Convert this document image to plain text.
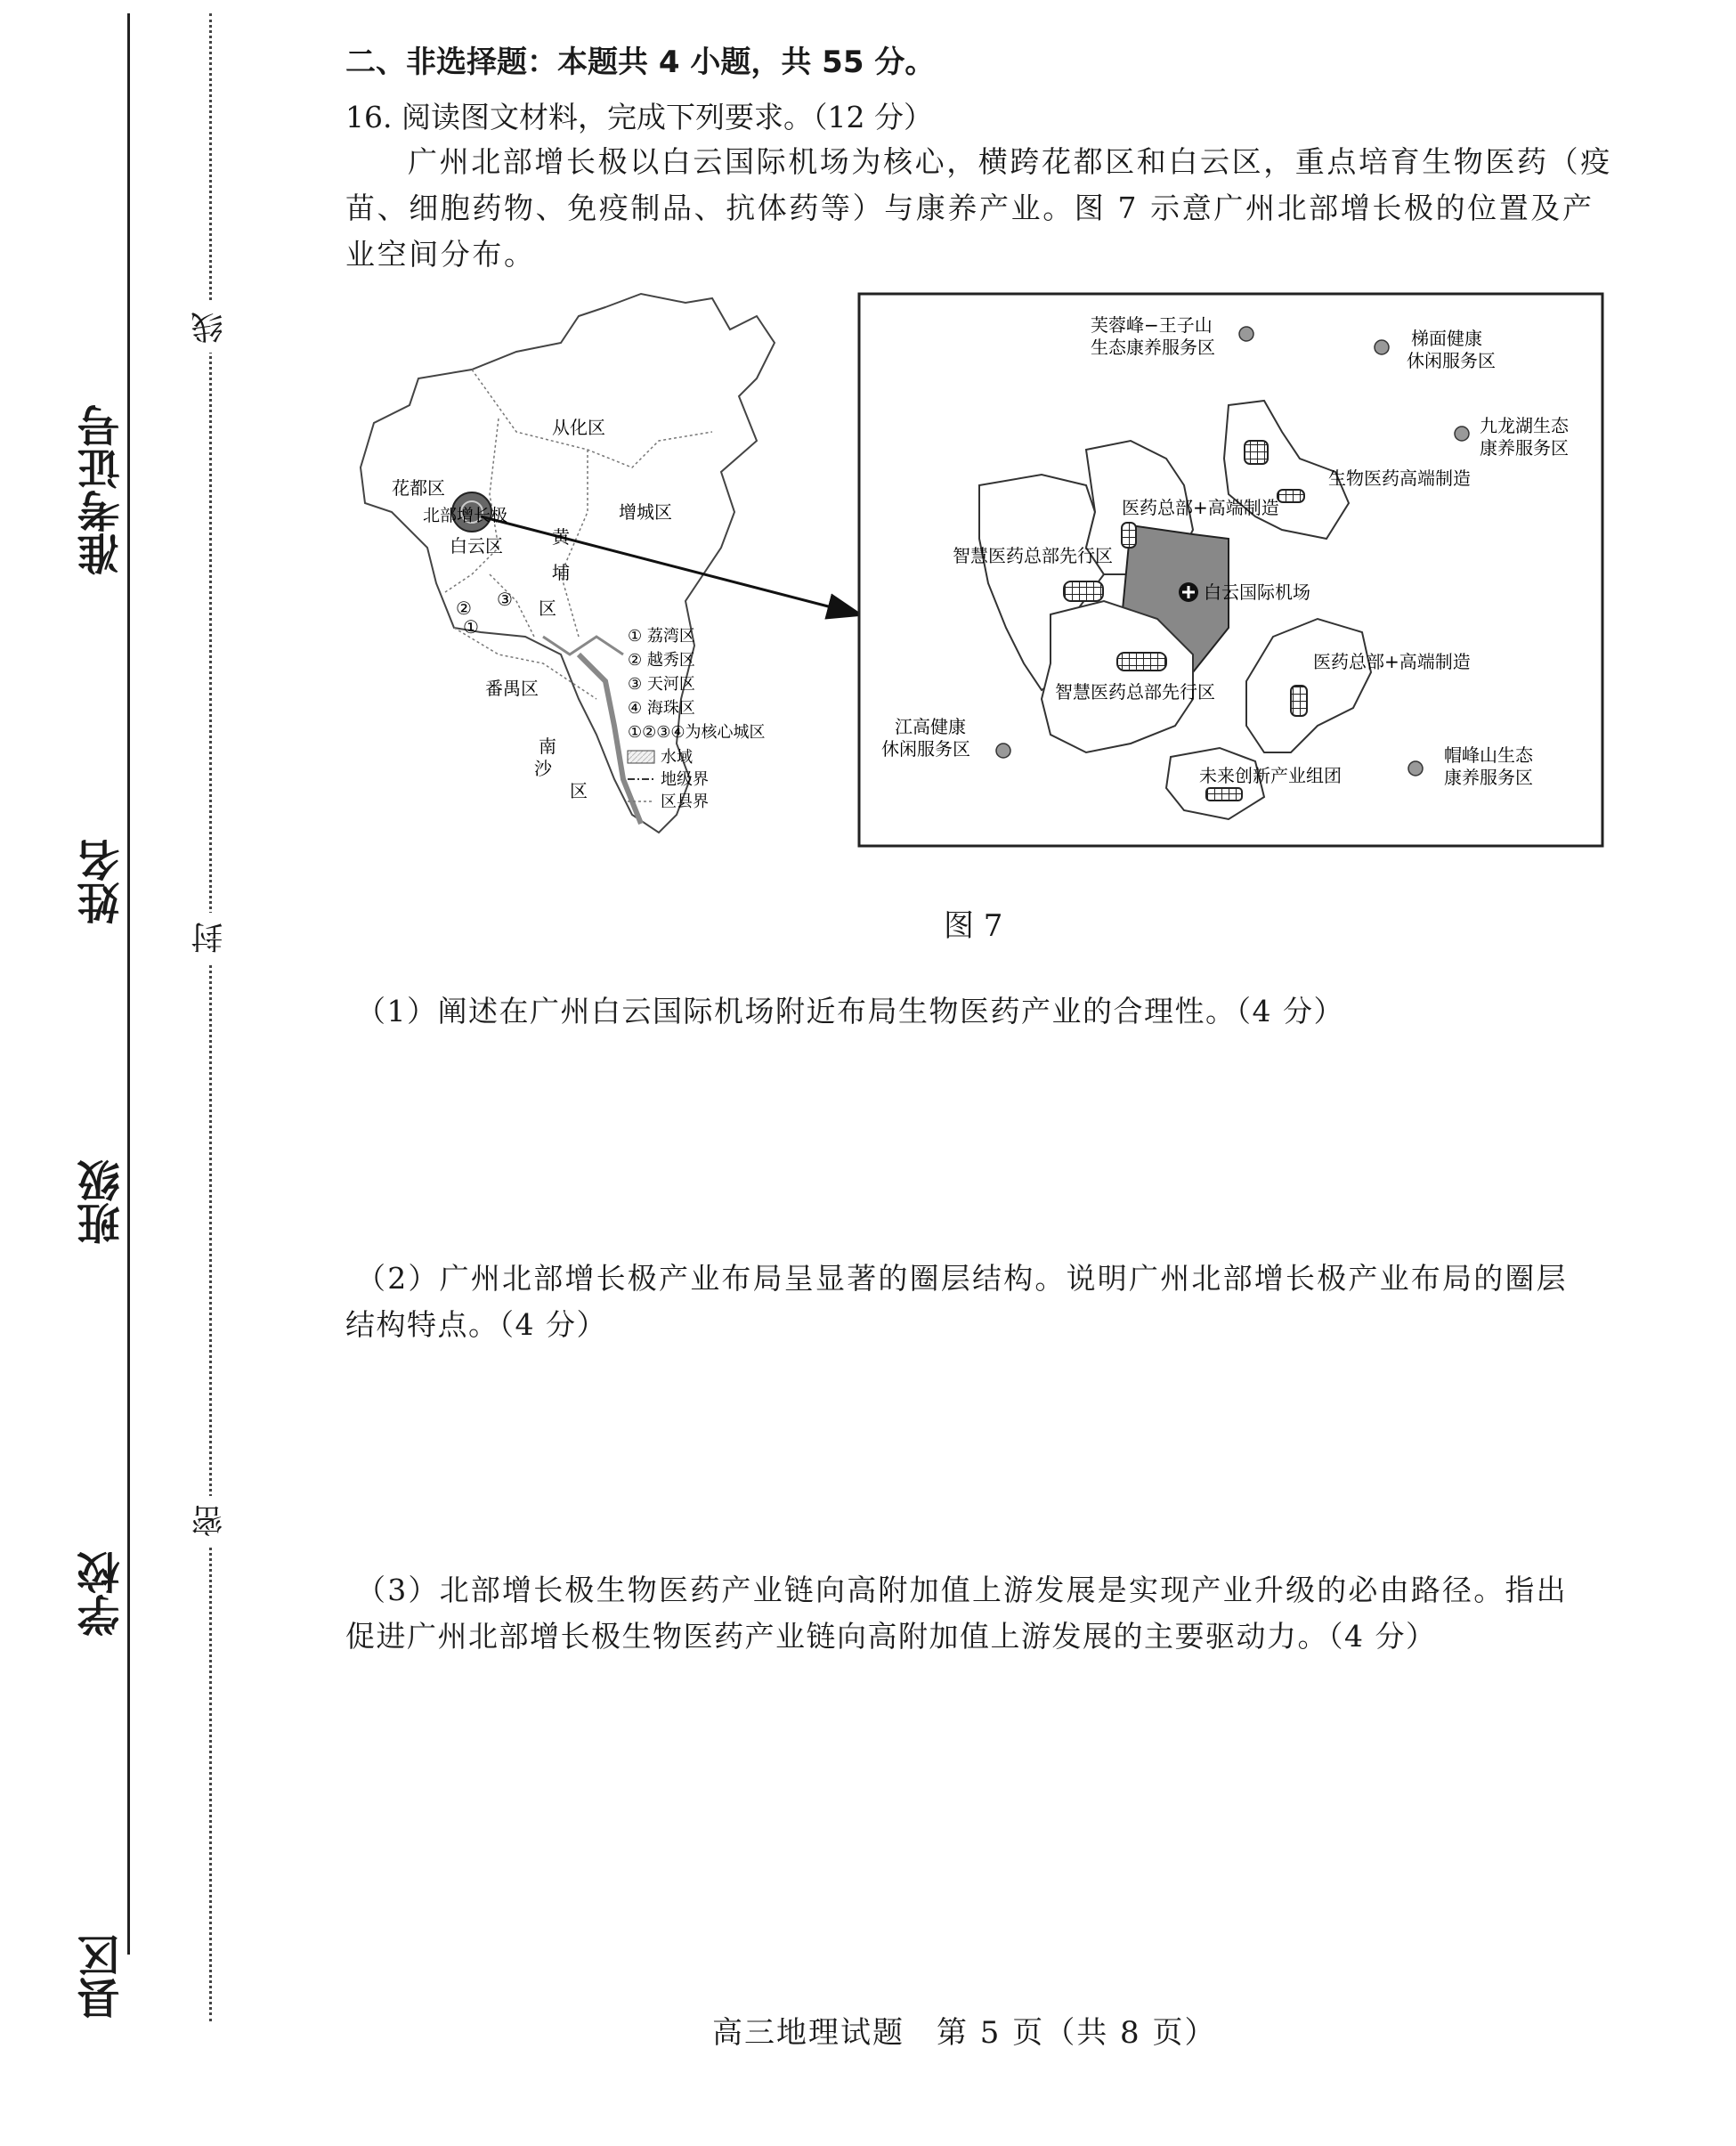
准考证号
姓名
班级
学校
县区
线
封
密
二、非选择题：本题共 4 小题，共 55 分。
16. 阅读图文材料，完成下列要求。（12 分）
广州北部增长极以白云国际机场为核心，横跨花都区和白云区，重点培育生物医药（疫
苗、细胞药物、免疫制品、抗体药等）与康养产业。图 7 示意广州北部增长极的位置及产
业空间分布。
从化区
花都区
北部增长极
白云区
增城区
黄
埔
区
番禺区
南
沙
区
①
② ③
① 荔湾区
② 越秀区
③ 天河区
④ 海珠区
①②③④为核心城区
水域
地级界
区县界
芙蓉峰−王子山
生态康养服务区	梯面健康
休闲服务区
九龙湖生态
康养服务区
生物医药高端制造
医药总部+高端制造
智慧医药总部先行区
白云国际机场
智慧医药总部先行区
医药总部+高端制造
江高健康
休闲服务区	帽峰山生态
康养服务区
未来创新产业组团
图 7
（1）阐述在广州白云国际机场附近布局生物医药产业的合理性。（4 分）
（2）广州北部增长极产业布局呈显著的圈层结构。说明广州北部增长极产业布局的圈层
结构特点。（4 分）
（3）北部增长极生物医药产业链向高附加值上游发展是实现产业升级的必由路径。指出
促进广州北部增长极生物医药产业链向高附加值上游发展的主要驱动力。（4 分）
高三地理试题　第 5 页（共 8 页）
